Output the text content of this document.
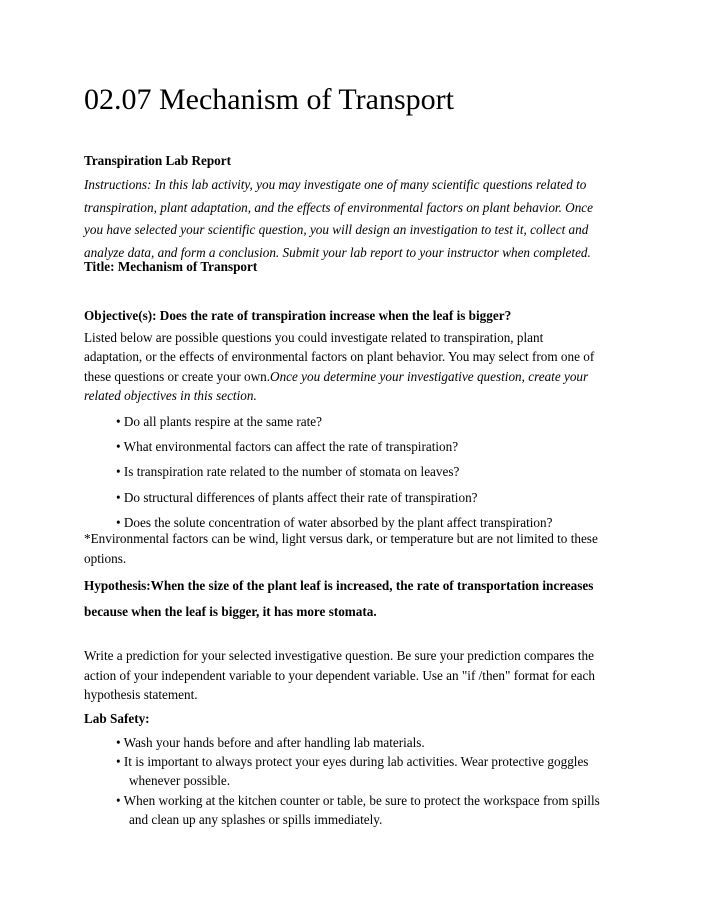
02.07 Mechanism of Transport
Transpiration Lab Report
Instructions: In this lab activity, you may investigate one of many scientific questions related to
transpiration, plant adaptation, and the effects of environmental factors on plant behavior. Once
you have selected your scientific question, you will design an investigation to test it, collect and
analyze data, and form a conclusion. Submit your lab report to your instructor when completed.
Title: Mechanism of Transport
Objective(s): Does the rate of transpiration increase when the leaf is bigger?
Listed below are possible questions you could investigate related to transpiration, plant
adaptation, or the effects of environmental factors on plant behavior. You may select from one of
these questions or create your own.Once you determine your investigative question, create your
related objectives in this section.
• Do all plants respire at the same rate?
• What environmental factors can affect the rate of transpiration?
• Is transpiration rate related to the number of stomata on leaves?
• Do structural differences of plants affect their rate of transpiration?
• Does the solute concentration of water absorbed by the plant affect transpiration?
*Environmental factors can be wind, light versus dark, or temperature but are not limited to these
options.
Hypothesis:When the size of the plant leaf is increased, the rate of transportation increases
because when the leaf is bigger, it has more stomata.
Write a prediction for your selected investigative question. Be sure your prediction compares the
action of your independent variable to your dependent variable. Use an "if /then" format for each
hypothesis statement.
Lab Safety:
• Wash your hands before and after handling lab materials.
• It is important to always protect your eyes during lab activities. Wear protective goggles
whenever possible.
• When working at the kitchen counter or table, be sure to protect the workspace from spills
and clean up any splashes or spills immediately.
